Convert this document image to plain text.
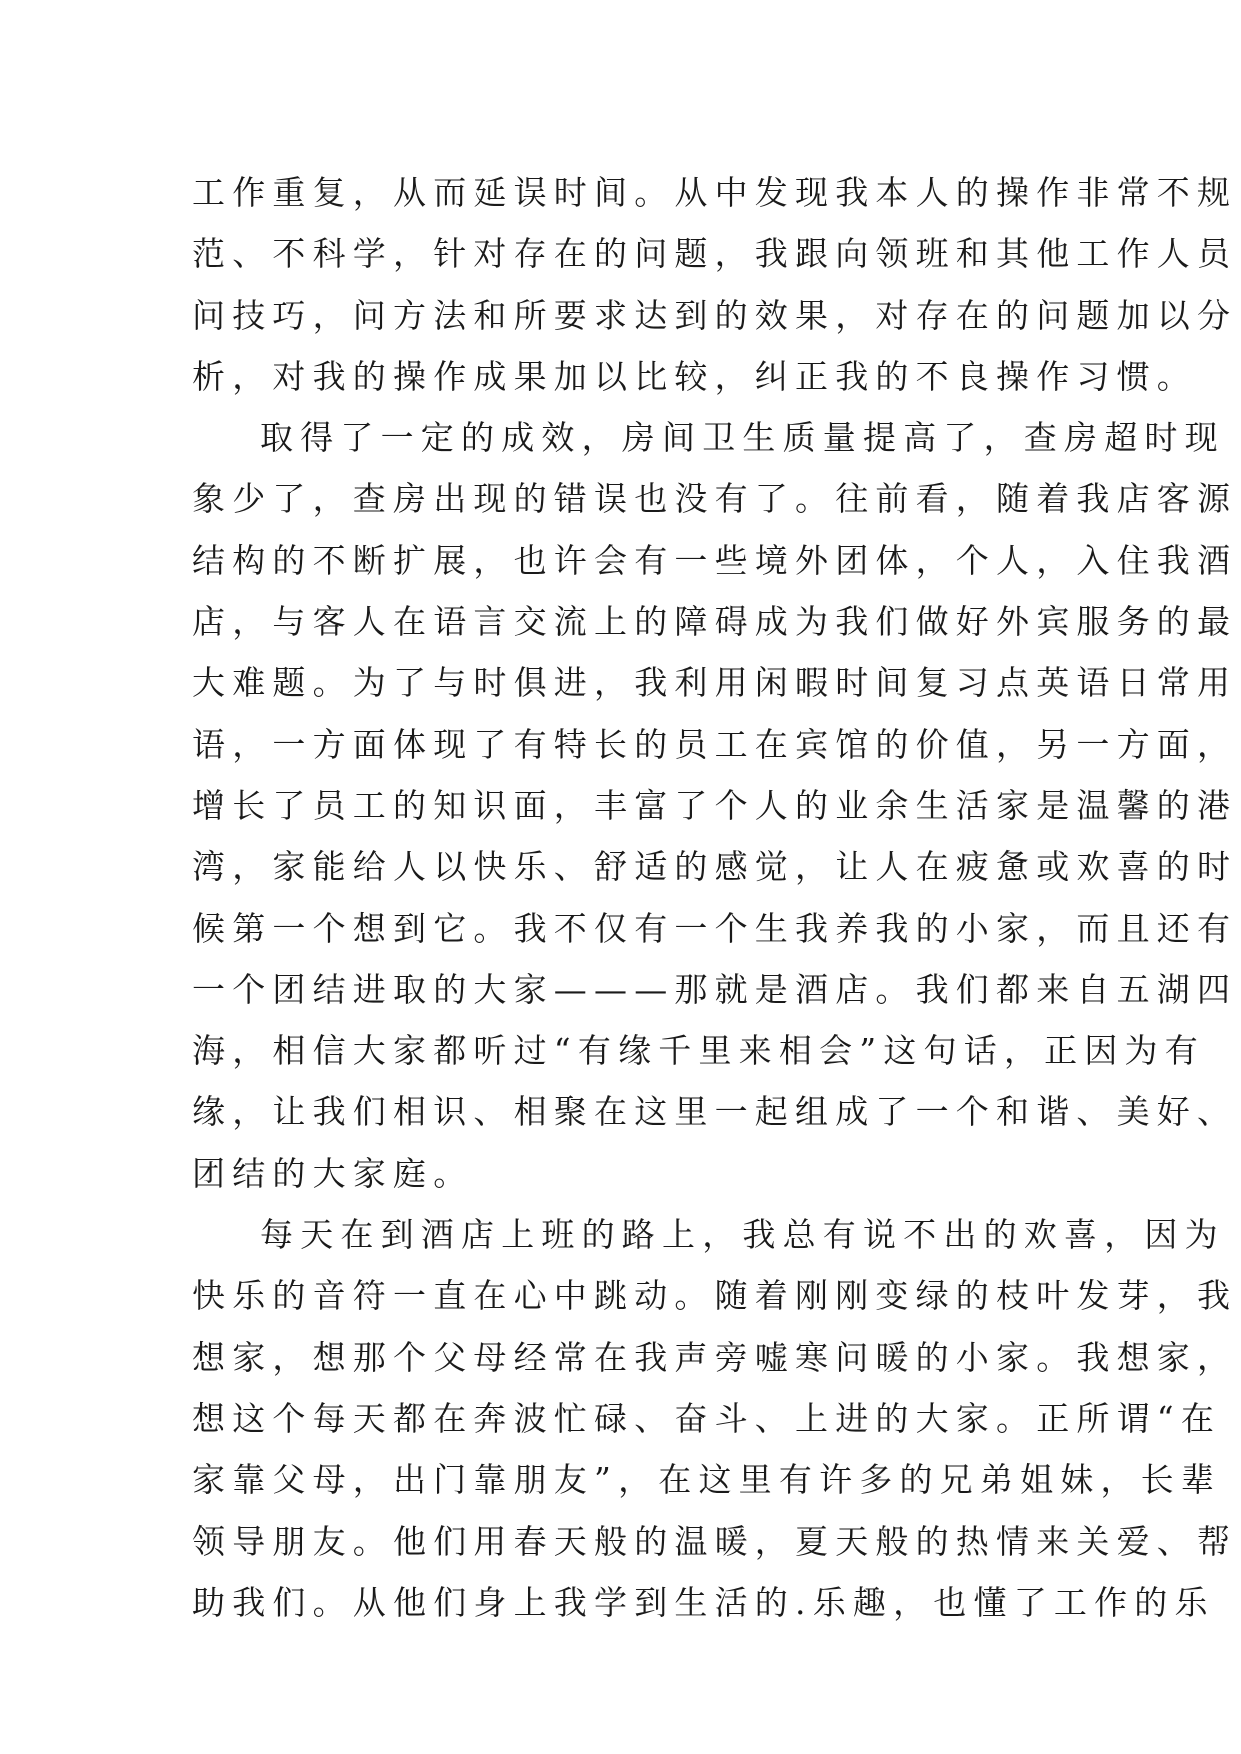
工作重复，从而延误时间。从中发现我本人的操作非常不规
范、不科学，针对存在的问题，我跟向领班和其他工作人员
问技巧，问方法和所要求达到的效果，对存在的问题加以分
析，对我的操作成果加以比较，纠正我的不良操作习惯。
取得了一定的成效，房间卫生质量提高了，查房超时现
象少了，查房出现的错误也没有了。往前看，随着我店客源
结构的不断扩展，也许会有一些境外团体，个人，入住我酒
店，与客人在语言交流上的障碍成为我们做好外宾服务的最
大难题。为了与时俱进，我利用闲暇时间复习点英语日常用
语，一方面体现了有特长的员工在宾馆的价值，另一方面，
增长了员工的知识面，丰富了个人的业余生活家是温馨的港
湾，家能给人以快乐、舒适的感觉，让人在疲惫或欢喜的时
候第一个想到它。我不仅有一个生我养我的小家，而且还有
一个团结进取的大家———那就是酒店。我们都来自五湖四
海，相信大家都听过“有缘千里来相会”这句话，正因为有
缘，让我们相识、相聚在这里一起组成了一个和谐、美好、
团结的大家庭。
每天在到酒店上班的路上，我总有说不出的欢喜，因为
快乐的音符一直在心中跳动。随着刚刚变绿的枝叶发芽，我
想家，想那个父母经常在我声旁嘘寒问暖的小家。我想家，
想这个每天都在奔波忙碌、奋斗、上进的大家。正所谓“在
家靠父母，出门靠朋友”，在这里有许多的兄弟姐妹，长辈
领导朋友。他们用春天般的温暖，夏天般的热情来关爱、帮
助我们。从他们身上我学到生活的.乐趣，也懂了工作的乐
